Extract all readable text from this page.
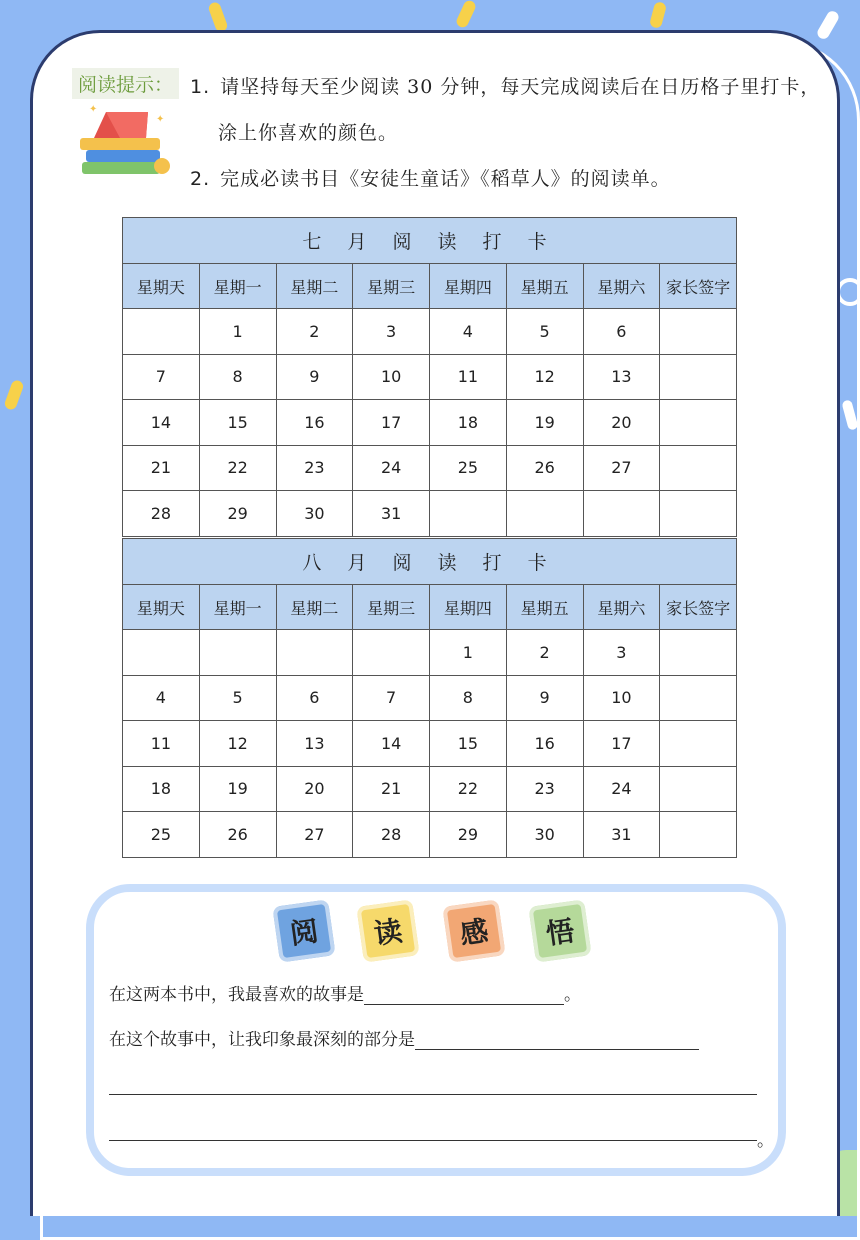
阅读提示：
✦
✦
1. 请坚持每天至少阅读 30 分钟，每天完成阅读后在日历格子里打卡，
涂上你喜欢的颜色。
2. 完成必读书目《安徒生童话》《稻草人》的阅读单。
七 月 阅 读 打 卡							
星期天	星期一	星期二	星期三	星期四	星期五	星期六	家长签字
	1	2	3	4	5	6	
7	8	9	10	11	12	13	
14	15	16	17	18	19	20	
21	22	23	24	25	26	27	
28	29	30	31				
八 月 阅 读 打 卡							
星期天	星期一	星期二	星期三	星期四	星期五	星期六	家长签字
				1	2	3	
4	5	6	7	8	9	10	
11	12	13	14	15	16	17	
18	19	20	21	22	23	24	
25	26	27	28	29	30	31	
阅	读	感	悟
在这两本书中，我最喜欢的故事是	。
在这个故事中，让我印象最深刻的部分是
。
